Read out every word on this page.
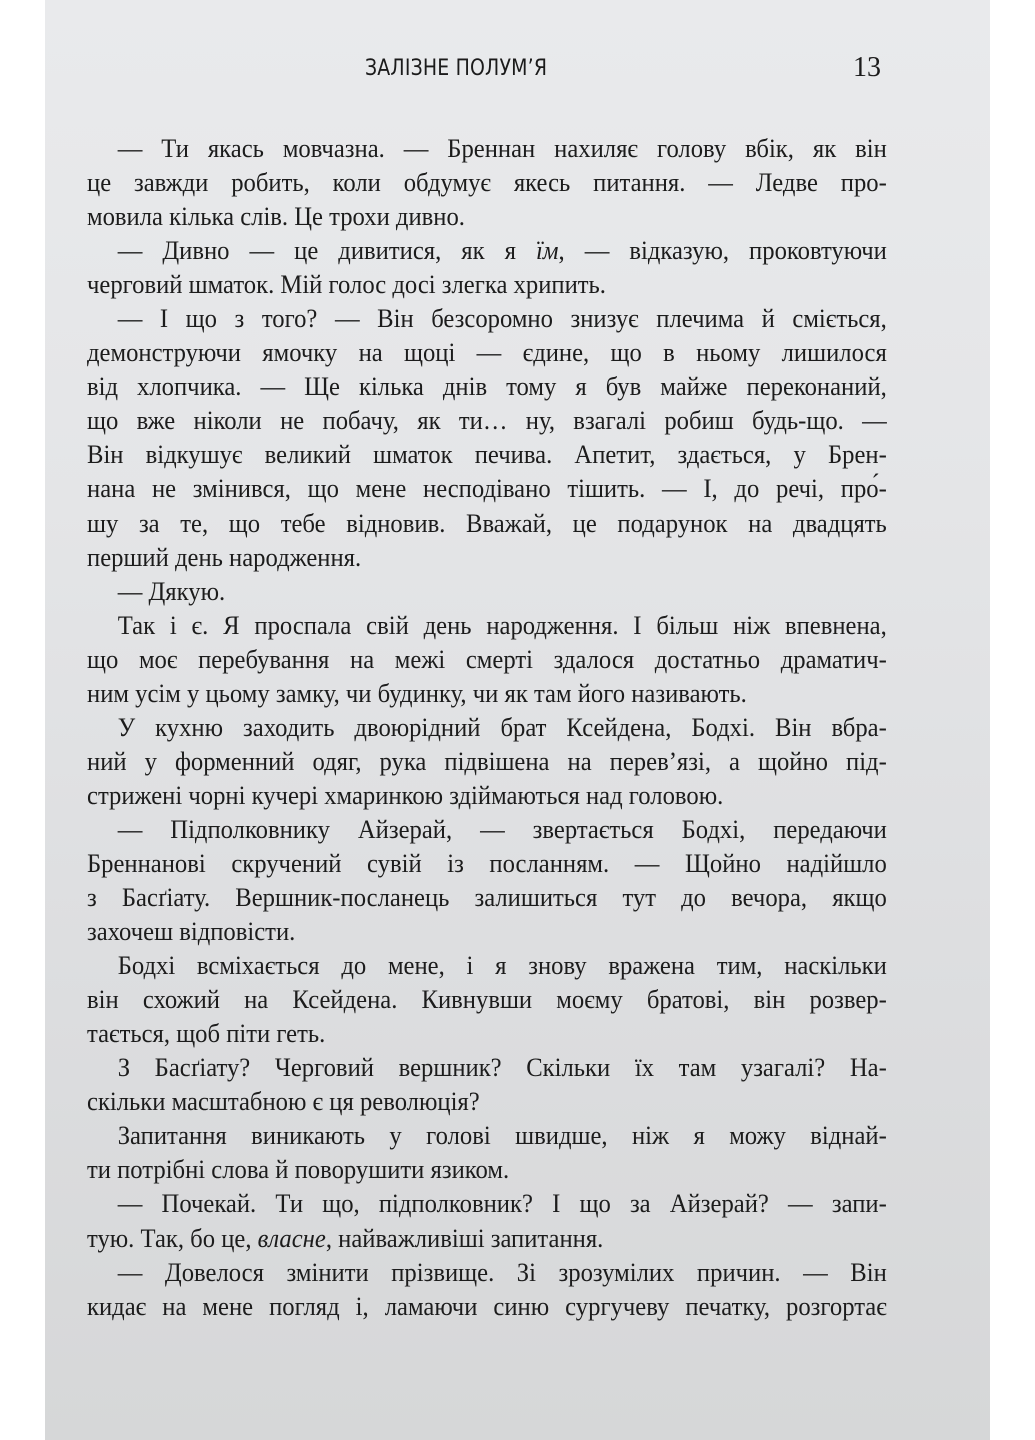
ЗАЛІЗНЕ ПОЛУМ’Я	13
— Ти якась мовчазна. — Бреннан нахиляє голову вбік, як він
це завжди робить, коли обдумує якесь питання. — Ледве про-
мовила кілька слів. Це трохи дивно.
— Дивно — це дивитися, як я їм, — відказую, проковтуючи
черговий шматок. Мій голос досі злегка хрипить.
— І що з того? — Він безсоромно знизує плечима й сміється,
демонструючи ямочку на щоці — єдине, що в ньому лишилося
від хлопчика. — Ще кілька днів тому я був майже переконаний,
що вже ніколи не побачу, як ти… ну, взагалі робиш будь-що. —
Він відкушує великий шматок печива. Апетит, здається, у Брен-
нана не змінився, що мене несподівано тішить. — І, до речі, про́-
шу за те, що тебе відновив. Вважай, це подарунок на двадцять
перший день народження.
— Дякую.
Так і є. Я проспала свій день народження. І більш ніж впевнена,
що моє перебування на межі смерті здалося достатньо драматич-
ним усім у цьому замку, чи будинку, чи як там його називають.
У кухню заходить двоюрідний брат Ксейдена, Бодхі. Він вбра-
ний у форменний одяг, рука підвішена на перев’язі, а щойно під-
стрижені чорні кучері хмаринкою здіймаються над головою.
— Підполковнику Айзерай, — звертається Бодхі, передаючи
Бреннанові скручений сувій із посланням. — Щойно надійшло
з Басґіату. Вершник-посланець залишиться тут до вечора, якщо
захочеш відповісти.
Бодхі всміхається до мене, і я знову вражена тим, наскільки
він схожий на Ксейдена. Кивнувши моєму братові, він розвер-
тається, щоб піти геть.
З Басґіату? Черговий вершник? Скільки їх там узагалі? На-
скільки масштабною є ця революція?
Запитання виникають у голові швидше, ніж я можу віднай-
ти потрібні слова й поворушити язиком.
— Почекай. Ти що, підполковник? І що за Айзерай? — запи-
тую. Так, бо це, власне, найважливіші запитання.
— Довелося змінити прізвище. Зі зрозумілих причин. — Він
кидає на мене погляд і, ламаючи синю сургучеву печатку, розгортає
